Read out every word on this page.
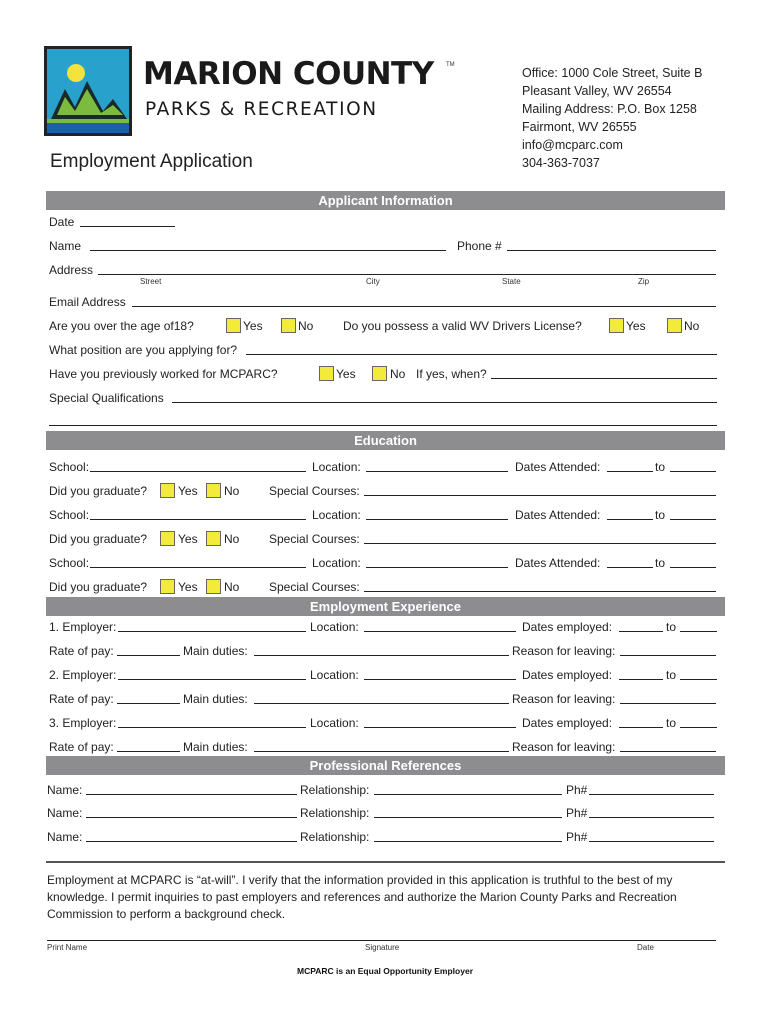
MARION COUNTY TM
PARKS & RECREATION
Office: 1000 Cole Street, Suite B
Pleasant Valley, WV 26554
Mailing Address: P.O. Box 1258
Fairmont, WV 26555
info@mcparc.com
304-363-7037
Employment Application
Applicant Information
Date
Name	Phone #
Address
Street	City	State	Zip
Email Address
Are you over the age of18?	Yes	No Do you possess a valid WV Drivers License?	Yes	No
What position are you applying for?
Have you previously worked for MCPARC?	Yes	No If yes, when?
Special Qualifications
Education
School:	Location:	Dates Attended:	to
Did you graduate?	Yes No Special Courses:
School:	Location:	Dates Attended:	to
Did you graduate?	Yes No Special Courses:
School:	Location:	Dates Attended:	to
Did you graduate?	Yes No Special Courses:
Employment Experience
1. Employer:	Location:	Dates employed:	to
Rate of pay:	Main duties:	Reason for leaving:
2. Employer:	Location:	Dates employed:	to
Rate of pay:	Main duties:	Reason for leaving:
3. Employer:	Location:	Dates employed:	to
Rate of pay:	Main duties:	Reason for leaving:
Professional References
Name:	Relationship:	Ph#
Name:	Relationship:	Ph#
Name:	Relationship:	Ph#
Employment at MCPARC is “at-will”. I verify that the information provided in this application is truthful to the best of my
knowledge. I permit inquiries to past employers and references and authorize the Marion County Parks and Recreation
Commission to perform a background check.
Print Name	Signature	Date
MCPARC is an Equal Opportunity Employer
